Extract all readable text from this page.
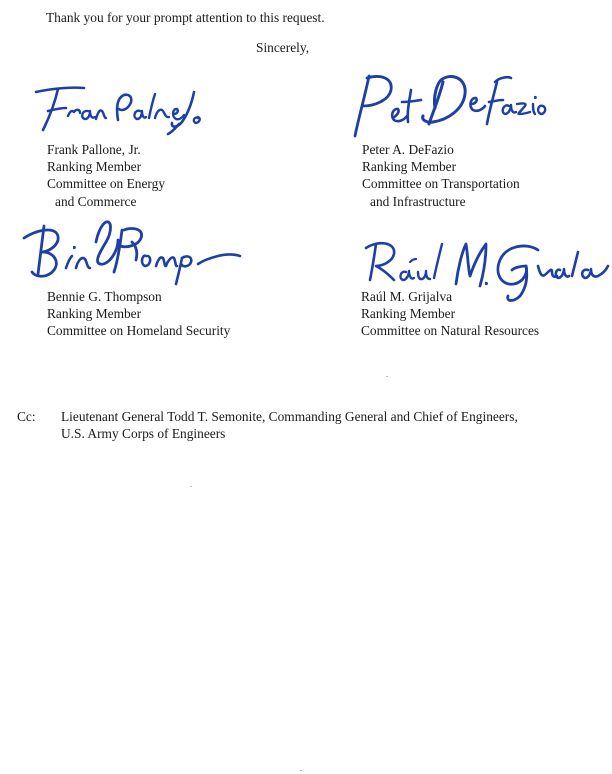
Thank you for your prompt attention to this request.
Sincerely,
Frank Pallone, Jr.
Ranking Member
Committee on Energy
and Commerce
Peter A. DeFazio
Ranking Member
Committee on Transportation
and Infrastructure
Bennie G. Thompson
Ranking Member
Committee on Homeland Security
Raúl M. Grijalva
Ranking Member
Committee on Natural Resources
Cc: Lieutenant General Todd T. Semonite, Commanding General and Chief of Engineers,
U.S. Army Corps of Engineers
